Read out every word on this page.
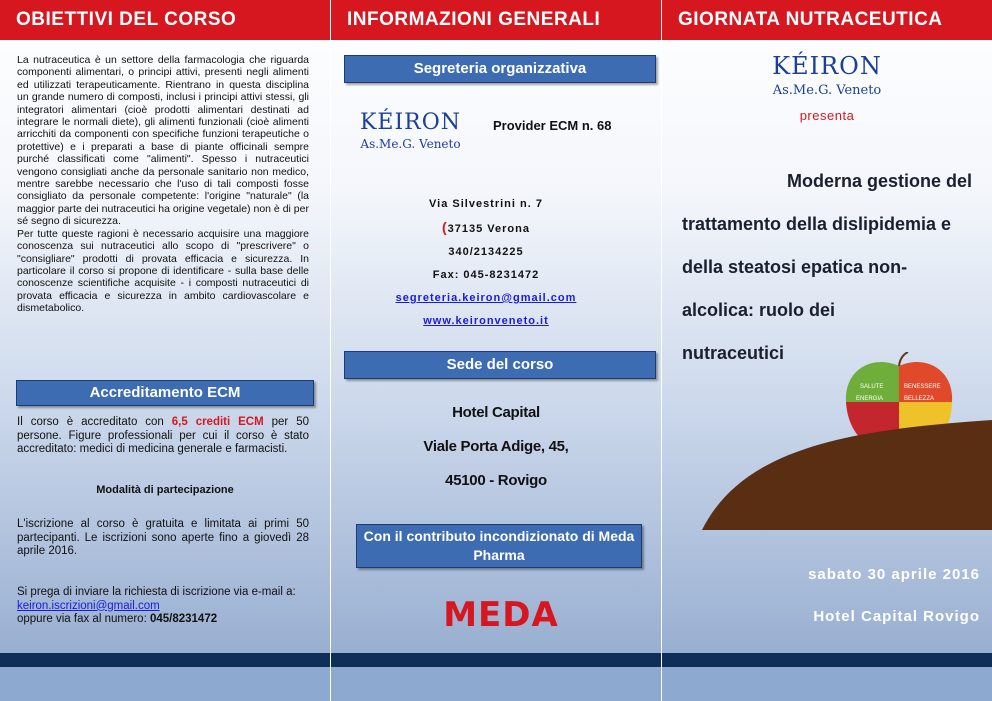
OBIETTIVI DEL CORSO
La nutraceutica è un settore della farmacologia che riguarda componenti alimentari, o principi attivi, presenti negli alimenti ed utilizzati terapeuticamente. Rientrano in questa disciplina un grande numero di composti, inclusi i principi attivi stessi, gli integratori alimentari (cioè prodotti alimentari destinati ad integrare le normali diete), gli alimenti funzionali (cioè alimenti arricchiti da componenti con specifiche funzioni terapeutiche o protettive) e i preparati a base di piante officinali sempre purché classificati come "alimenti". Spesso i nutraceutici vengono consigliati anche da personale sanitario non medico, mentre sarebbe necessario che l'uso di tali composti fosse consigliato da personale competente: l'origine "naturale" (la maggior parte dei nutraceutici ha origine vegetale) non è di per sé segno di sicurezza.
Per tutte queste ragioni è necessario acquisire una maggiore conoscenza sui nutraceutici allo scopo di "prescrivere" o "consigliare" prodotti di provata efficacia e sicurezza. In particolare il corso si propone di identificare - sulla base delle conoscenze scientifiche acquisite - i composti nutraceutici di provata efficacia e sicurezza in ambito cardiovascolare e dismetabolico.
Accreditamento ECM
Il corso è accreditato con 6,5 crediti ECM per 50 persone. Figure professionali per cui il corso è stato accreditato: medici di medicina generale e farmacisti.
Modalità di partecipazione
L'iscrizione al corso è gratuita e limitata ai primi 50 partecipanti. Le iscrizioni sono aperte fino a giovedì 28 aprile 2016.
Si prega di inviare la richiesta di iscrizione via e-mail a:
keiron.iscrizioni@gmail.com
oppure via fax al numero: 045/8231472
INFORMAZIONI GENERALI
Segreteria organizzativa
KÉIRON
As.Me.G. Veneto
Provider ECM n. 68
Via Silvestrini n. 7
(37135 Verona
340/2134225
Fax: 045-8231472
segreteria.keiron@gmail.com
www.keironveneto.it
Sede del corso
Hotel Capital
Viale Porta Adige, 45,
45100 - Rovigo
Con il contributo incondizionato di Meda Pharma
MEDA
GIORNATA NUTRACEUTICA
KÉIRON
As.Me.G. Veneto
presenta
Moderna gestione del
trattamento della dislipidemia e
della steatosi epatica non-
alcolica: ruolo dei
nutraceutici
SALUTE	BENESSERE
ENERGIA	BELLEZZA
sabato 30 aprile 2016
Hotel Capital Rovigo
